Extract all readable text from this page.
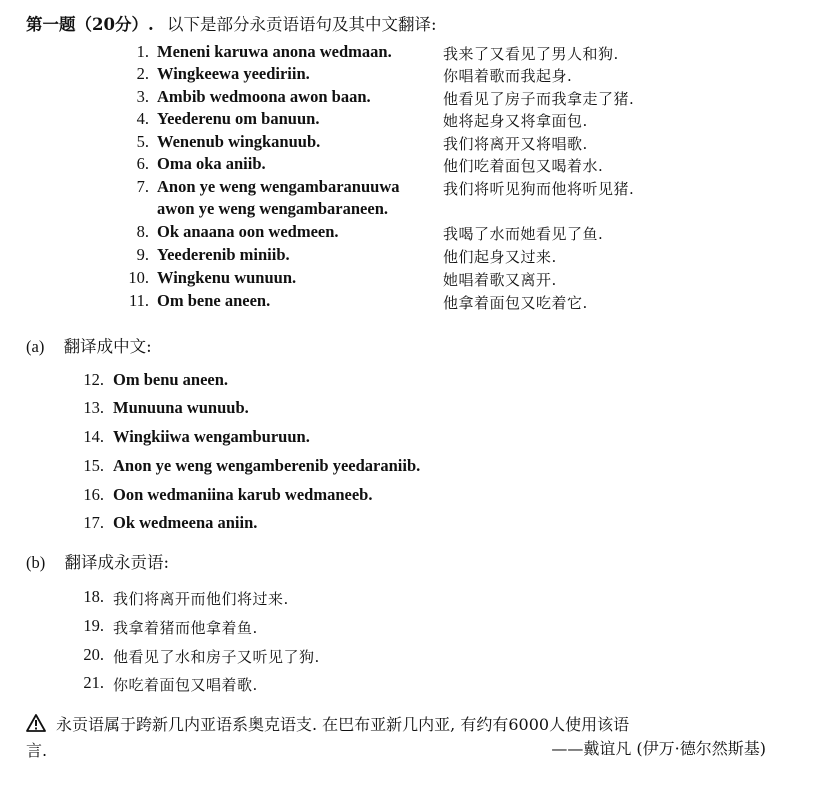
第一题（20分）. 以下是部分永贡语语句及其中文翻译:
1. Meneni karuwa anona wedmaan.	我来了又看见了男人和狗.
2. Wingkeewa yeediriin.	你唱着歌而我起身.
3. Ambib wedmoona awon baan.	他看见了房子而我拿走了猪.
4. Yeederenu om banuun.	她将起身又将拿面包.
5. Wenenub wingkanuub.	我们将离开又将唱歌.
6. Oma oka aniib.	他们吃着面包又喝着水.
7. Anon ye weng wengambaranuuwa	我们将听见狗而他将听见猪.
awon ye weng wengambaraneen.
8. Ok anaana oon wedmeen.	我喝了水而她看见了鱼.
9. Yeederenib miniib.	他们起身又过来.
10. Wingkenu wunuun.	她唱着歌又离开.
11. Om bene aneen.	他拿着面包又吃着它.
(a) 翻译成中文:
12. Om benu aneen.
13. Munuuna wunuub.
14. Wingkiiwa wengamburuun.
15. Anon ye weng wengamberenib yeedaraniib.
16. Oon wedmaniina karub wedmaneeb.
17. Ok wedmeena aniin.
(b) 翻译成永贡语:
18. 我们将离开而他们将过来.
19. 我拿着猪而他拿着鱼.
20. 他看见了水和房子又听见了狗.
21. 你吃着面包又唱着歌.
永贡语属于跨新几内亚语系奥克语支. 在巴布亚新几内亚, 有约有6000人使用该语
言.	——戴谊凡 (伊万·德尔然斯基)
